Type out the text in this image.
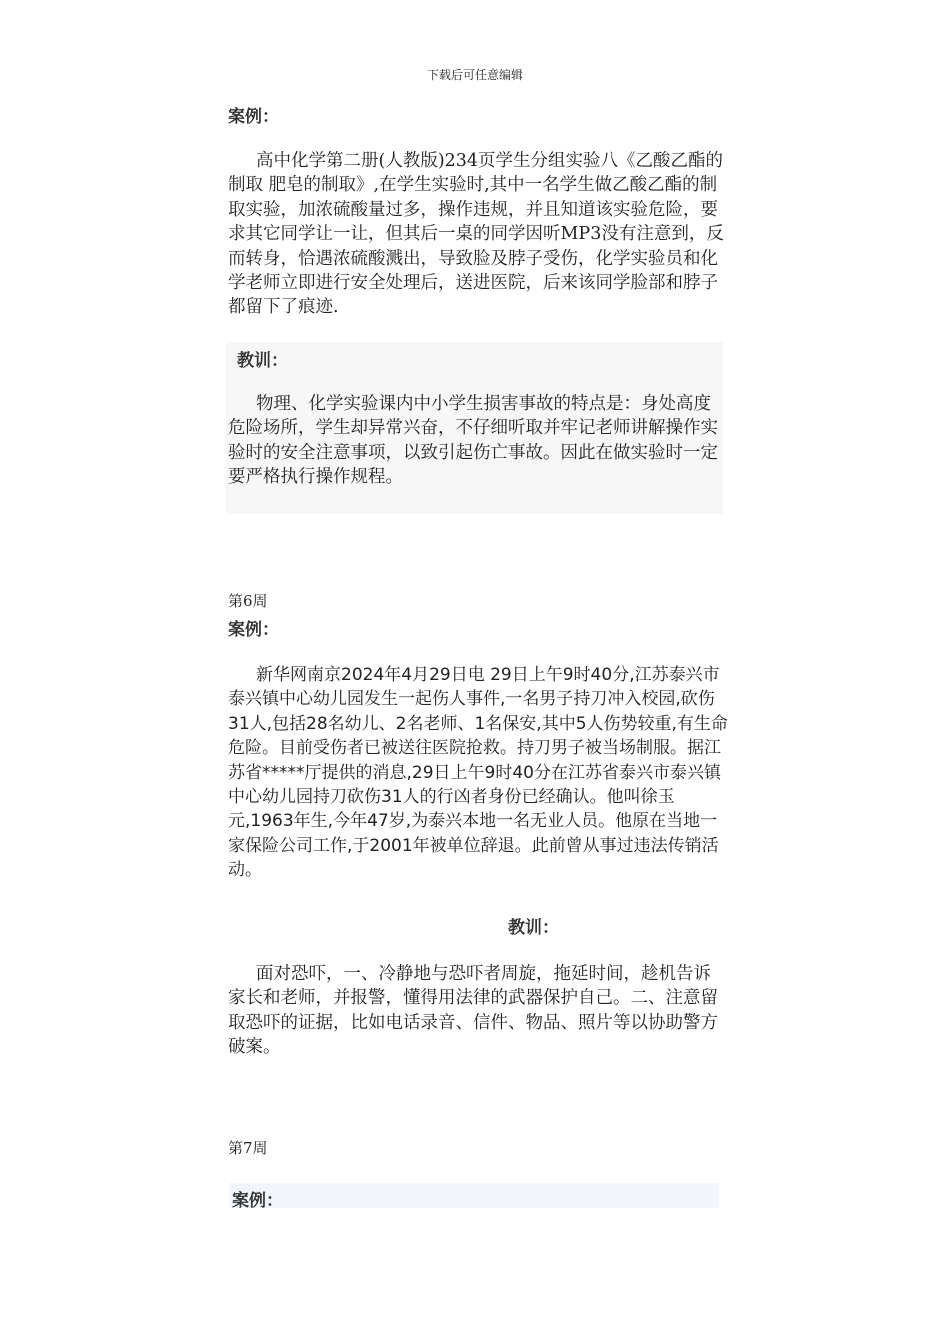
下载后可任意编辑
案例：
高中化学第二册(人教版)234页学生分组实验八《乙酸乙酯的制取 肥皂的制取》,在学生实验时,其中一名学生做乙酸乙酯的制取实验，加浓硫酸量过多，操作违规，并且知道该实验危险，要求其它同学让一让，但其后一桌的同学因听MP3没有注意到，反而转身，恰遇浓硫酸溅出，导致脸及脖子受伤，化学实验员和化学老师立即进行安全处理后，送进医院，后来该同学脸部和脖子都留下了痕迹.
教训：
物理、化学实验课内中小学生损害事故的特点是：身处高度危险场所，学生却异常兴奋，不仔细听取并牢记老师讲解操作实验时的安全注意事项，以致引起伤亡事故。因此在做实验时一定要严格执行操作规程。
第6周
案例：
新华网南京2024年4月29日电 29日上午9时40分,江苏泰兴市泰兴镇中心幼儿园发生一起伤人事件,一名男子持刀冲入校园,砍伤31人,包括28名幼儿、2名老师、1名保安,其中5人伤势较重,有生命危险。目前受伤者已被送往医院抢救。持刀男子被当场制服。据江苏省*****厅提供的消息,29日上午9时40分在江苏省泰兴市泰兴镇中心幼儿园持刀砍伤31人的行凶者身份已经确认。他叫徐玉元,1963年生,今年47岁,为泰兴本地一名无业人员。他原在当地一家保险公司工作,于2001年被单位辞退。此前曾从事过违法传销活动。
教训：
面对恐吓，一、冷静地与恐吓者周旋，拖延时间，趁机告诉家长和老师，并报警，懂得用法律的武器保护自己。二、注意留取恐吓的证据，比如电话录音、信件、物品、照片等以协助警方破案。
第7周
案例：
